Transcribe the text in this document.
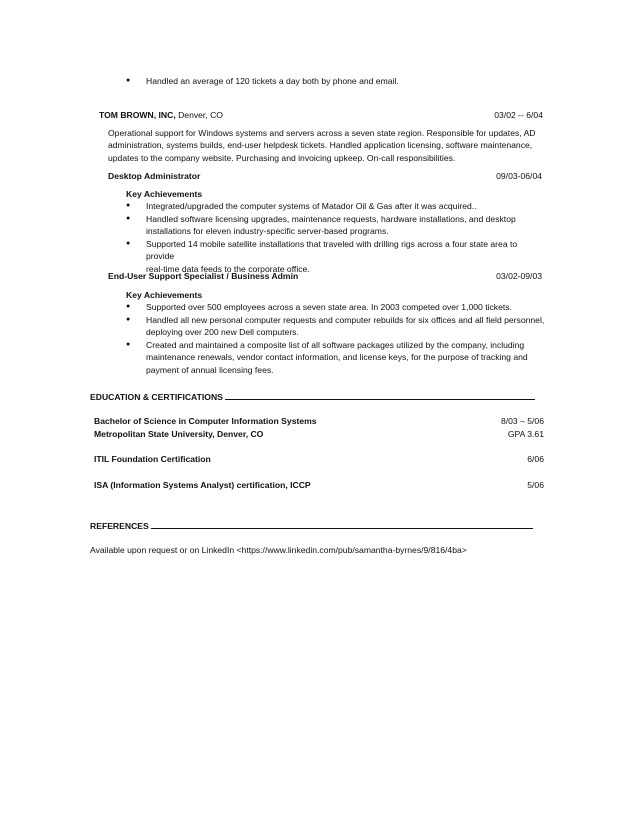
● Handled an average of 120 tickets a day both by phone and email.
TOM BROWN, INC, Denver, CO	03/02 -- 6/04
Operational support for Windows systems and servers across a seven state region. Responsible for updates, AD
administration, systems builds, end-user helpdesk tickets. Handled application licensing, software maintenance,
updates to the company website. Purchasing and invoicing upkeep. On-call responsibilities.
Desktop Administrator	09/03-06/04
Key Achievements
● Integrated/upgraded the computer systems of Matador Oil & Gas after it was acquired..
● Handled software licensing upgrades, maintenance requests, hardware installations, and desktop
installations for eleven industry-specific server-based programs.
● Supported 14 mobile satellite installations that traveled with drilling rigs across a four state area to provide
real-time data feeds to the corporate office.
End-User Support Specialist / Business Admin	03/02-09/03
Key Achievements
● Supported over 500 employees across a seven state area. In 2003 competed over 1,000 tickets.
● Handled all new personal computer requests and computer rebuilds for six offices and all field personnel,
deploying over 200 new Dell computers.
● Created and maintained a composite list of all software packages utilized by the company, including
maintenance renewals, vendor contact information, and license keys, for the purpose of tracking and
payment of annual licensing fees.
EDUCATION & CERTIFICATIONS
Bachelor of Science in Computer Information Systems	8/03 – 5/06
Metropolitan State University, Denver, CO	GPA 3.61
ITIL Foundation Certification	6/06
ISA (Information Systems Analyst) certification, ICCP	5/06
REFERENCES
Available upon request or on LinkedIn <https://www.linkedin.com/pub/samantha-byrnes/9/816/4ba>
